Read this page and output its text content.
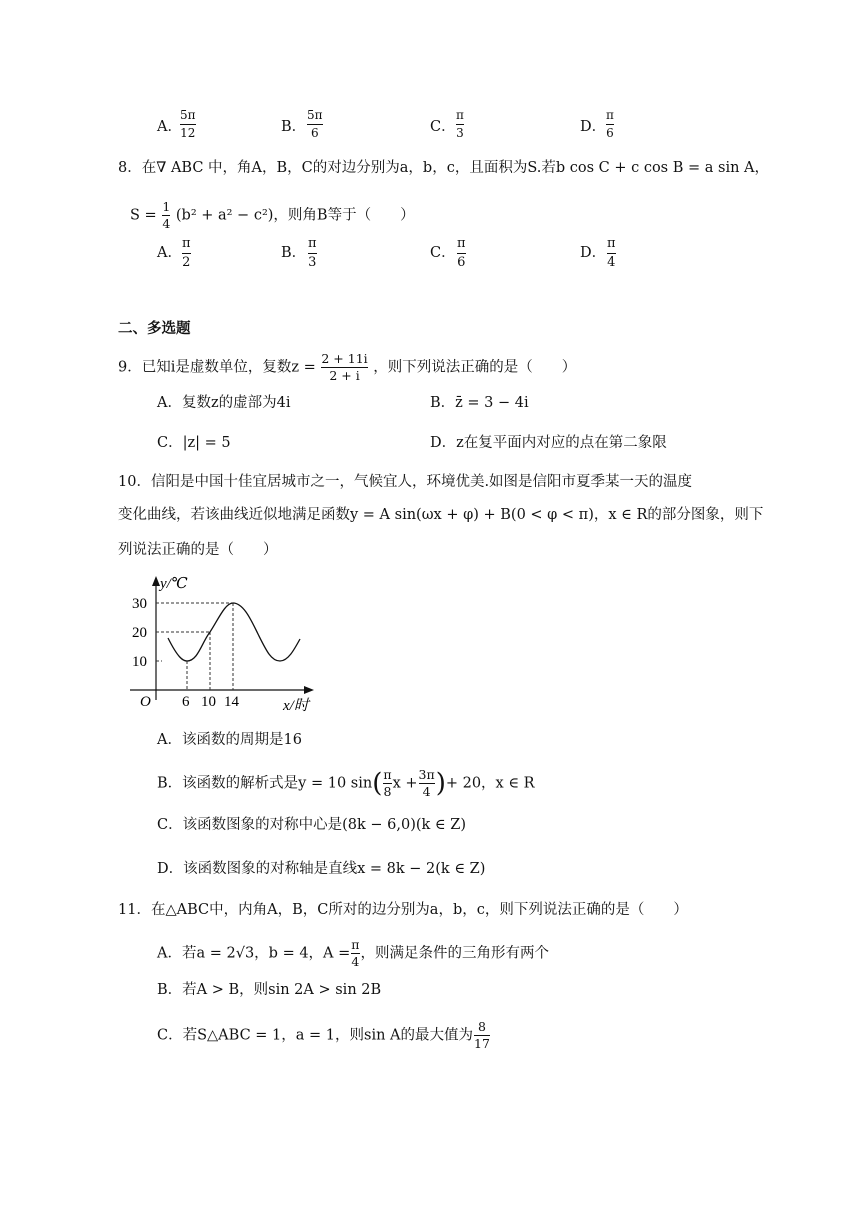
A．
5π
12	B．
5π
6	C．
π
3	D．
π
6
8．在∇ ABC 中，角A，B，C的对边分别为a，b，c，且面积为S.若b cos C + c cos B = a sin A，
$S = \frac{1}{4} (b^2 + a^2 - c^2)$，则角B等于（　　）
A．
π
2
B．
π
3
C．
π
6
D．
π
4
二、多选题
9．已知i是虚数单位，复数$z = \frac{2 + 11i}{2 + i}$ ，则下列说法正确的是（　　）
A．复数z的虚部为4i	B．z̄ = 3 − 4i
C．|z| = 5	D．z在复平面内对应的点在第二象限
10．信阳是中国十佳宜居城市之一，气候宜人，环境优美.如图是信阳市夏季某一天的温度
变化曲线，若该曲线近似地满足函数y = A sin(ωx + φ) + B(0 < φ < π)，x ∈ R的部分图象，则下
列说法正确的是（　　）
y/℃
30
20
10
O 6 10 14	x/时
A．该函数的周期是16
B．该函数的解析式是y = 10 $\sin( \frac{\pi}{8}$ $x + \frac{3\pi}{4}$ )+ 20，x ∈ R
C．该函数图象的对称中心是(8k − 6,0)(k ∈ Z)
D．该函数图象的对称轴是直线x = 8k − 2(k ∈ Z)
11．在△ABC中，内角A，B，C所对的边分别为a，b，c，则下列说法正确的是（　　）
A．若a = 2√3，b = 4，$A = \frac{\pi}{4}$ ，则满足条件的三角形有两个
B．若A > B，则sin 2A > sin 2B
C．若S△ABC = 1，a = 1，则sin A的最大值为 $\frac{8}{17}$
